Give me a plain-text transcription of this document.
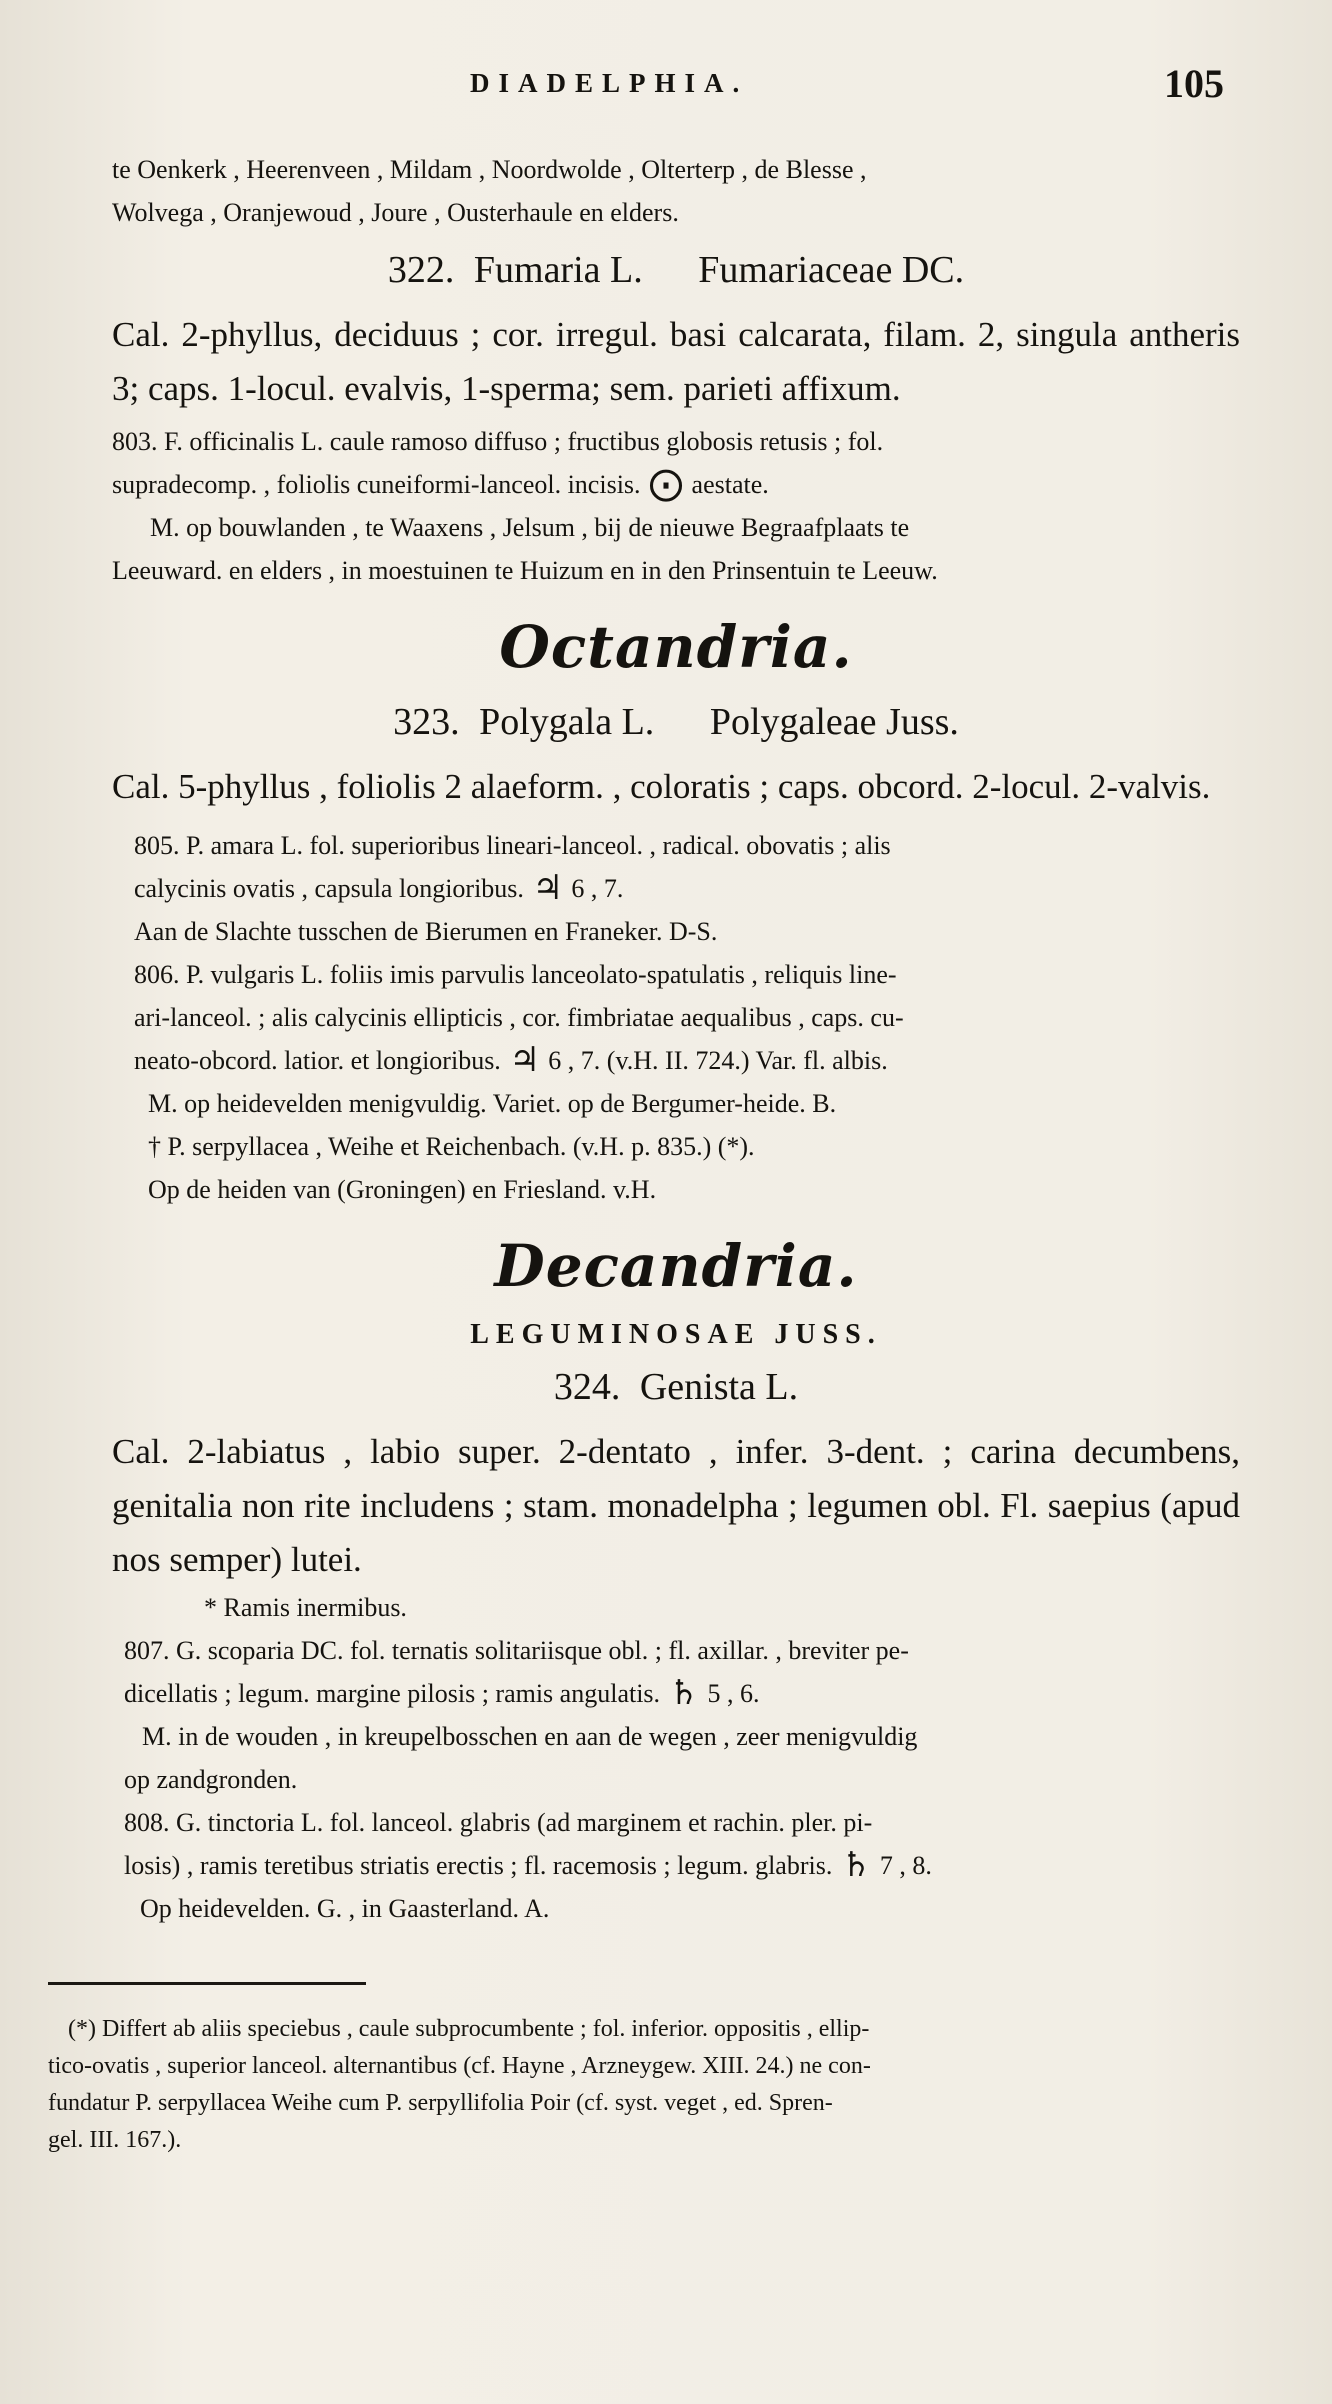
DIADELPHIA.	105

te Oenkerk , Heerenveen , Mildam , Noordwolde , Olterterp , de Blesse ,

Wolvega , Oranjewoud , Joure , Ousterhaule en elders.

322. Fumaria L. Fumariaceae DC.

Cal. 2-phyllus, deciduus ; cor. irregul. basi calcarata, filam. 2, singula antheris 3; caps. 1-locul. evalvis, 1-sperma; sem. parieti affixum.

803. F. officinalis L. caule ramoso diffuso ; fructibus globosis retusis ; fol.

supradecomp. , foliolis cuneiformi-lanceol. incisis. ⨀ aestate.

M. op bouwlanden , te Waaxens , Jelsum , bij de nieuwe Begraafplaats te

Leeuward. en elders , in moestuinen te Huizum en in den Prinsentuin te Leeuw.

Octandria.
323. Polygala L. Polygaleae Juss.

Cal. 5-phyllus , foliolis 2 alaeform. , coloratis ; caps. obcord. 2-locul. 2-valvis.

805. P. amara L. fol. superioribus lineari-lanceol. , radical. obovatis ; alis

calycinis ovatis , capsula longioribus. ♃ 6 , 7.

Aan de Slachte tusschen de Bierumen en Franeker. D-S.

806. P. vulgaris L. foliis imis parvulis lanceolato-spatulatis , reliquis line-

ari-lanceol. ; alis calycinis ellipticis , cor. fimbriatae aequalibus , caps. cu-

neato-obcord. latior. et longioribus. ♃ 6 , 7. (v.H. II. 724.) Var. fl. albis.

M. op heidevelden menigvuldig. Variet. op de Bergumer-heide. B.

† P. serpyllacea , Weihe et Reichenbach. (v.H. p. 835.) (*).

Op de heiden van (Groningen) en Friesland. v.H.

Decandria.
LEGUMINOSAE JUSS.
324. Genista L.

Cal. 2-labiatus , labio super. 2-dentato , infer. 3-dent. ; carina decumbens, genitalia non rite includens ; stam. monadelpha ; legumen obl. Fl. saepius (apud nos semper) lutei.

* Ramis inermibus.

807. G. scoparia DC. fol. ternatis solitariisque obl. ; fl. axillar. , breviter pe-

dicellatis ; legum. margine pilosis ; ramis angulatis. ♄ 5 , 6.

M. in de wouden , in kreupelbosschen en aan de wegen , zeer menigvuldig

op zandgronden.

808. G. tinctoria L. fol. lanceol. glabris (ad marginem et rachin. pler. pi-

losis) , ramis teretibus striatis erectis ; fl. racemosis ; legum. glabris. ♄ 7 , 8.

Op heidevelden. G. , in Gaasterland. A.

(*) Differt ab aliis speciebus , caule subprocumbente ; fol. inferior. oppositis , ellip-

tico-ovatis , superior lanceol. alternantibus (cf. Hayne , Arzneygew. XIII. 24.) ne con-

fundatur P. serpyllacea Weihe cum P. serpyllifolia Poir (cf. syst. veget , ed. Spren-

gel. III. 167.).
